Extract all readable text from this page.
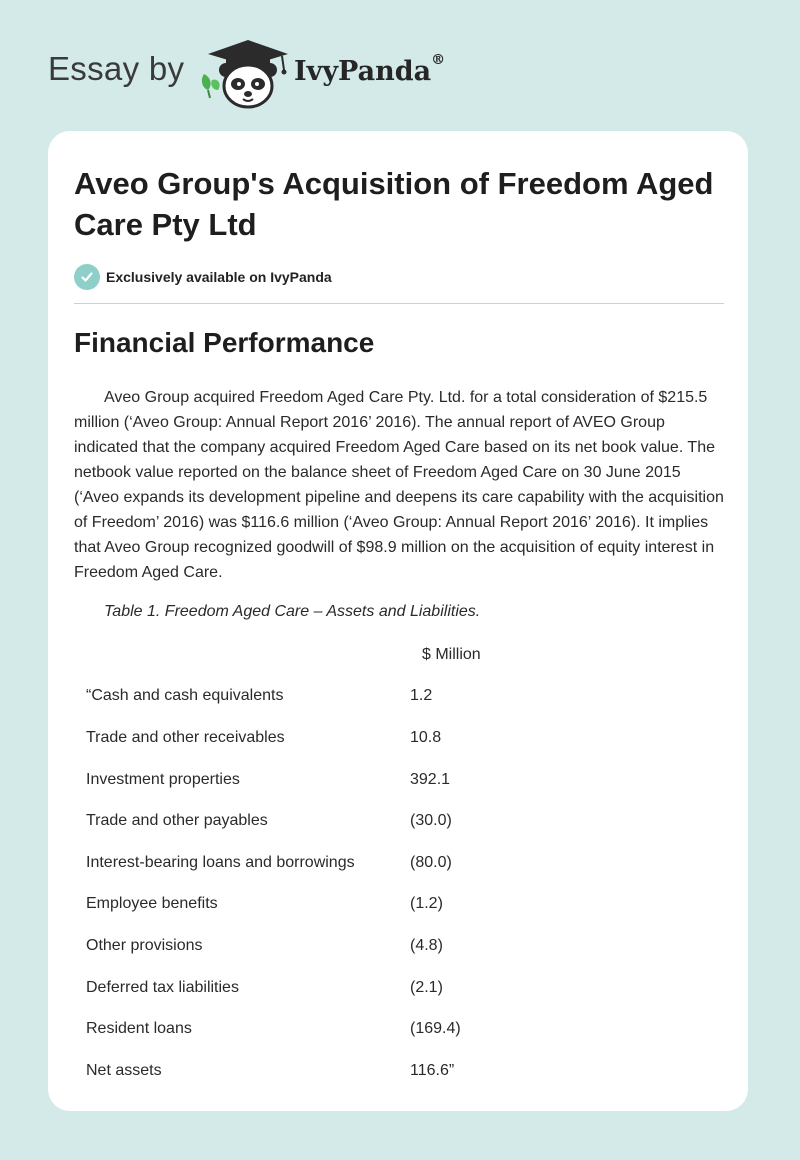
Essay by	IvyPanda®
Aveo Group's Acquisition of Freedom Aged Care Pty Ltd
Exclusively available on IvyPanda
Financial Performance

Aveo Group acquired Freedom Aged Care Pty. Ltd. for a total consideration of $215.5 million (‘Aveo Group: Annual Report 2016’ 2016). The annual report of AVEO Group indicated that the company acquired Freedom Aged Care based on its net book value. The netbook value reported on the balance sheet of Freedom Aged Care on 30 June 2015 (‘Aveo expands its development pipeline and deepens its care capability with the acquisition of Freedom’ 2016) was $116.6 million (‘Aveo Group: Annual Report 2016’ 2016). It implies that Aveo Group recognized goodwill of $98.9 million on the acquisition of equity interest in Freedom Aged Care.

Table 1. Freedom Aged Care – Assets and Liabilities.

	$ Million
“Cash and cash equivalents	1.2
Trade and other receivables	10.8
Investment properties	392.1
Trade and other payables	(30.0)
Interest-bearing loans and borrowings	(80.0)
Employee benefits	(1.2)
Other provisions	(4.8)
Deferred tax liabilities	(2.1)
Resident loans	(169.4)
Net assets	116.6”
